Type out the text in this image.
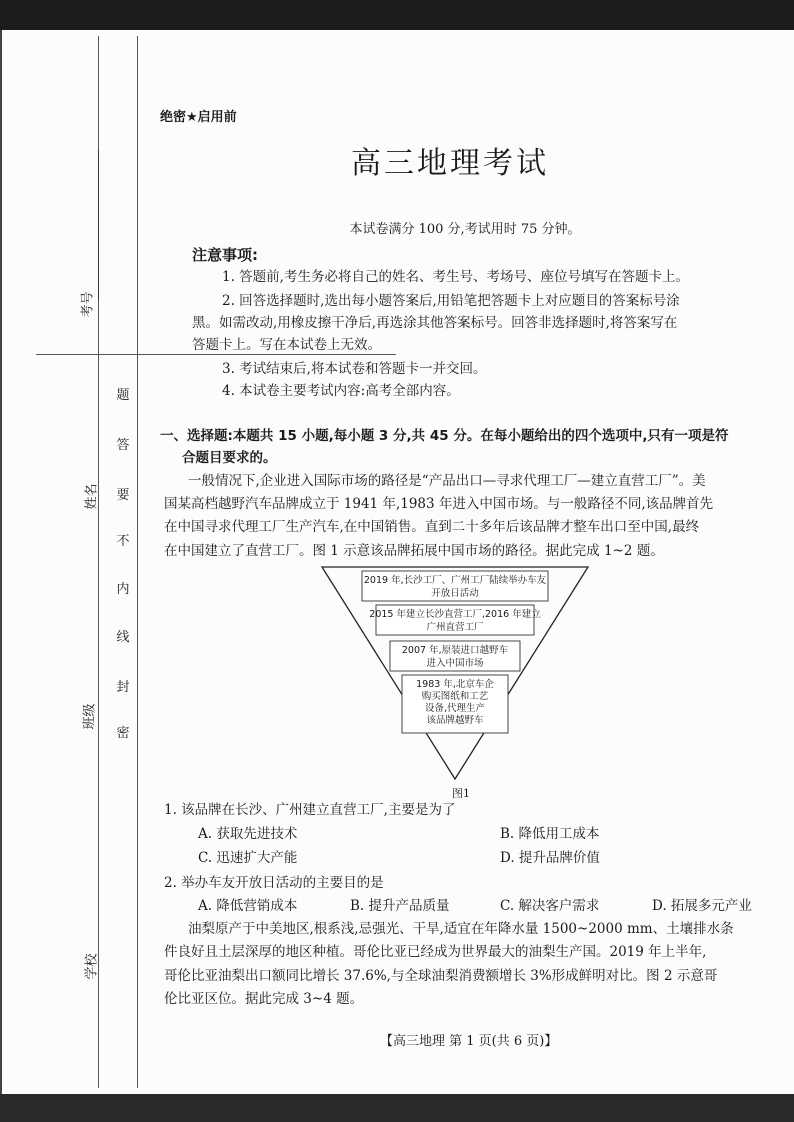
考号
姓名
班级
学校
题
答
要
不
内
线
封
密
绝密★启用前
高三地理考试
本试卷满分 100 分,考试用时 75 分钟。
注意事项:
1. 答题前,考生务必将自己的姓名、考生号、考场号、座位号填写在答题卡上。
2. 回答选择题时,选出每小题答案后,用铅笔把答题卡上对应题目的答案标号涂
黑。如需改动,用橡皮擦干净后,再选涂其他答案标号。回答非选择题时,将答案写在
答题卡上。写在本试卷上无效。
3. 考试结束后,将本试卷和答题卡一并交回。
4. 本试卷主要考试内容:高考全部内容。
一、选择题:本题共 15 小题,每小题 3 分,共 45 分。在每小题给出的四个选项中,只有一项是符
合题目要求的。
一般情况下,企业进入国际市场的路径是“产品出口—寻求代理工厂—建立直营工厂”。美
国某高档越野汽车品牌成立于 1941 年,1983 年进入中国市场。与一般路径不同,该品牌首先
在中国寻求代理工厂生产汽车,在中国销售。直到二十多年后该品牌才整车出口至中国,最终
在中国建立了直营工厂。图 1 示意该品牌拓展中国市场的路径。据此完成 1~2 题。
2019 年,长沙工厂、广州工厂陆续举办车友
开放日活动
2015 年建立长沙直营工厂,2016 年建立
广州直营工厂
2007 年,原装进口越野车
进入中国市场
1983 年,北京车企
购买图纸和工艺
设备,代理生产
该品牌越野车
图1
1. 该品牌在长沙、广州建立直营工厂,主要是为了
A. 获取先进技术	B. 降低用工成本
C. 迅速扩大产能	D. 提升品牌价值
2. 举办车友开放日活动的主要目的是
A. 降低营销成本	B. 提升产品质量	C. 解决客户需求	D. 拓展多元产业
油梨原产于中美地区,根系浅,忌强光、干旱,适宜在年降水量 1500~2000 mm、土壤排水条
件良好且土层深厚的地区种植。哥伦比亚已经成为世界最大的油梨生产国。2019 年上半年,
哥伦比亚油梨出口额同比增长 37.6%,与全球油梨消费额增长 3%形成鲜明对比。图 2 示意哥
伦比亚区位。据此完成 3~4 题。
【高三地理 第 1 页(共 6 页)】
